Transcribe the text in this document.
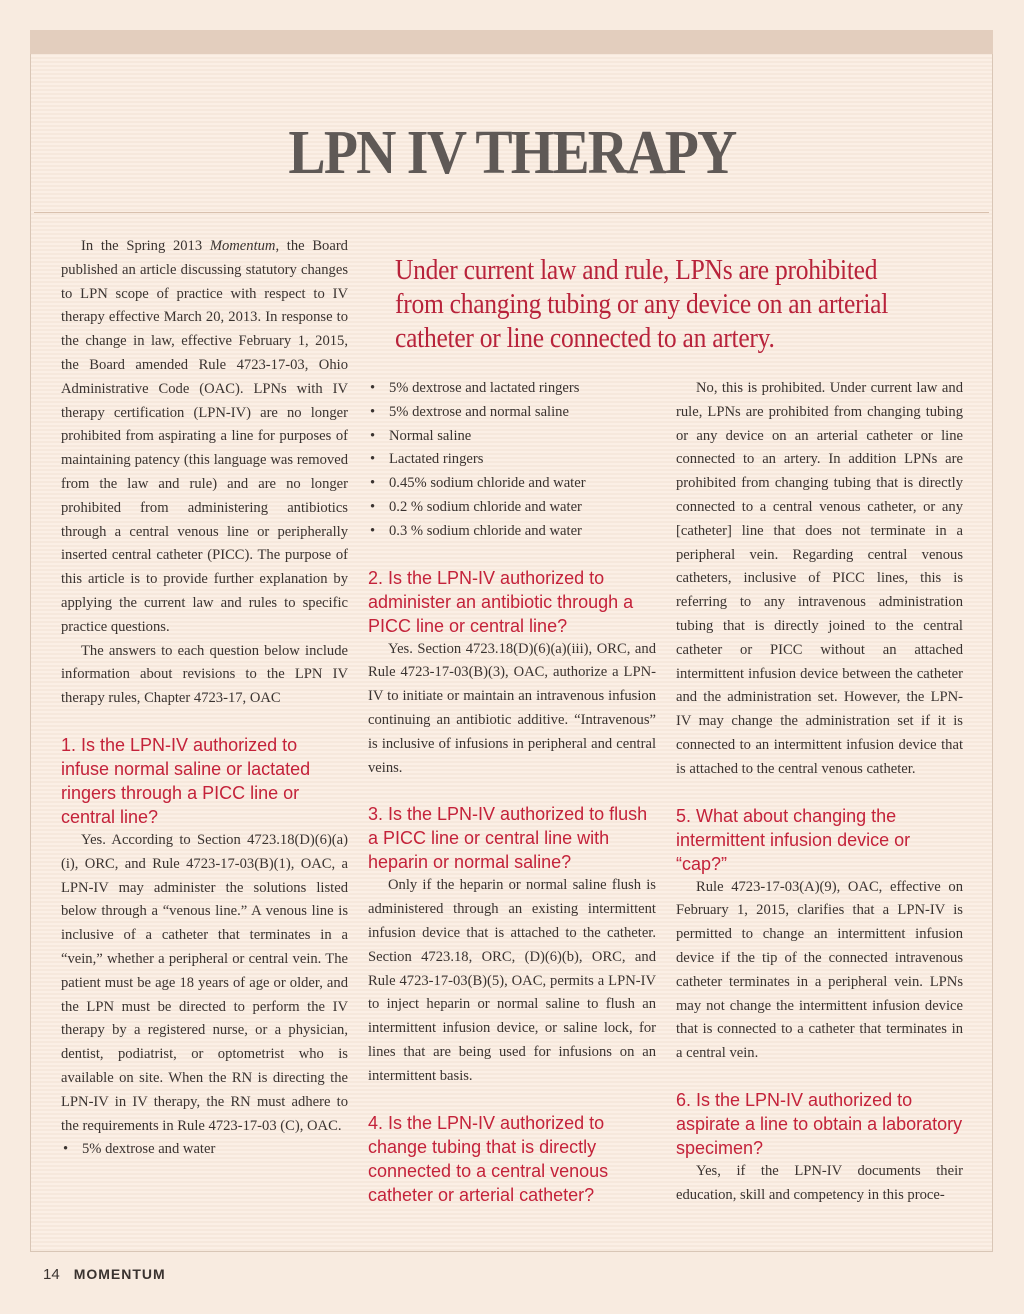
LPN IV THERAPY

In the Spring 2013 Momentum, the Board published an article discussing statutory changes to LPN scope of practice with respect to IV therapy effective March 20, 2013. In response to the change in law, effective February 1, 2015, the Board amended Rule 4723-17-03, Ohio Administrative Code (OAC). LPNs with IV therapy certification (LPN-IV) are no longer prohibited from aspirating a line for purposes of maintaining patency (this language was removed from the law and rule) and are no longer prohibited from administering antibiotics through a central venous line or peripherally inserted central catheter (PICC). The purpose of this article is to provide further explanation by applying the current law and rules to specific practice questions.

The answers to each question below include information about revisions to the LPN IV therapy rules, Chapter 4723-17, OAC

1. Is the LPN-IV authorized to infuse normal saline or lactated ringers through a PICC line or central line?

Yes. According to Section 4723.18(D)(6)(a)(i), ORC, and Rule 4723-17-03(B)(1), OAC, a LPN-IV may administer the solutions listed below through a “venous line.” A venous line is inclusive of a catheter that terminates in a “vein,” whether a peripheral or central vein. The patient must be age 18 years of age or older, and the LPN must be directed to perform the IV therapy by a registered nurse, or a physician, dentist, podiatrist, or optometrist who is available on site. When the RN is directing the LPN-IV in IV therapy, the RN must adhere to the requirements in Rule 4723-17-03 (C), OAC.

• 5% dextrose and water
Under current law and rule, LPNs are prohibited from changing tubing or any device on an arterial catheter or line connected to an artery.
• 5% dextrose and lactated ringers
• 5% dextrose and normal saline
• Normal saline
• Lactated ringers
• 0.45% sodium chloride and water
• 0.2 % sodium chloride and water
• 0.3 % sodium chloride and water
2. Is the LPN-IV authorized to administer an antibiotic through a PICC line or central line?

Yes. Section 4723.18(D)(6)(a)(iii), ORC, and Rule 4723-17-03(B)(3), OAC, authorize a LPN-IV to initiate or maintain an intravenous infusion continuing an antibiotic additive. “Intravenous” is inclusive of infusions in peripheral and central veins.

3. Is the LPN-IV authorized to flush a PICC line or central line with heparin or normal saline?

Only if the heparin or normal saline flush is administered through an existing intermittent infusion device that is attached to the catheter. Section 4723.18, ORC, (D)(6)(b), ORC, and Rule 4723-17-03(B)(5), OAC, permits a LPN-IV to inject heparin or normal saline to flush an intermittent infusion device, or saline lock, for lines that are being used for infusions on an intermittent basis.

4. Is the LPN-IV authorized to change tubing that is directly connected to a central venous catheter or arterial catheter?

No, this is prohibited. Under current law and rule, LPNs are prohibited from changing tubing or any device on an arterial catheter or line connected to an artery. In addition LPNs are prohibited from changing tubing that is directly connected to a central venous catheter, or any [catheter] line that does not terminate in a peripheral vein. Regarding central venous catheters, inclusive of PICC lines, this is referring to any intravenous administration tubing that is directly joined to the central catheter or PICC without an attached intermittent infusion device between the catheter and the administration set. However, the LPN-IV may change the administration set if it is connected to an intermittent infusion device that is attached to the central venous catheter.

5. What about changing the intermittent infusion device or “cap?”

Rule 4723-17-03(A)(9), OAC, effective on February 1, 2015, clarifies that a LPN-IV is permitted to change an intermittent infusion device if the tip of the connected intravenous catheter terminates in a peripheral vein. LPNs may not change the intermittent infusion device that is connected to a catheter that terminates in a central vein.

6. Is the LPN-IV authorized to aspirate a line to obtain a laboratory specimen?

Yes, if the LPN-IV documents their education, skill and competency in this proce-

14 MOMENTUM
